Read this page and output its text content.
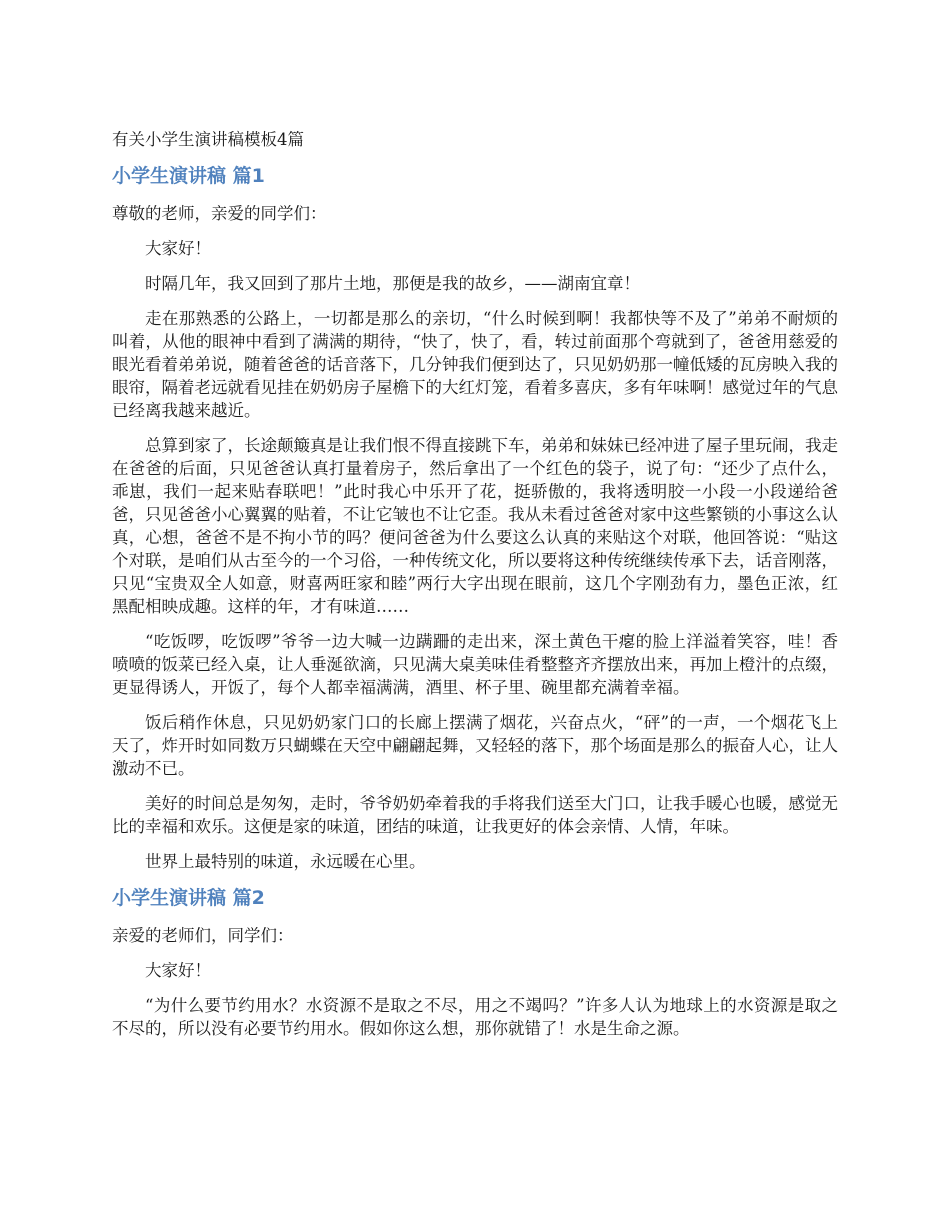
有关小学生演讲稿模板4篇
小学生演讲稿 篇1
尊敬的老师，亲爱的同学们：

大家好！

时隔几年，我又回到了那片土地，那便是我的故乡，——湖南宜章！

走在那熟悉的公路上，一切都是那么的亲切，“什么时候到啊！我都快等不及了”弟弟不耐烦的叫着，从他的眼神中看到了满满的期待，“快了，快了，看，转过前面那个弯就到了，爸爸用慈爱的眼光看着弟弟说，随着爸爸的话音落下，几分钟我们便到达了，只见奶奶那一幢低矮的瓦房映入我的眼帘，隔着老远就看见挂在奶奶房子屋檐下的大红灯笼，看着多喜庆，多有年味啊！感觉过年的气息已经离我越来越近。

总算到家了，长途颠簸真是让我们恨不得直接跳下车，弟弟和妹妹已经冲进了屋子里玩闹，我走在爸爸的后面，只见爸爸认真打量着房子，然后拿出了一个红色的袋子，说了句：“还少了点什么，乖崽，我们一起来贴春联吧！”此时我心中乐开了花，挺骄傲的，我将透明胶一小段一小段递给爸爸，只见爸爸小心翼翼的贴着，不让它皱也不让它歪。我从未看过爸爸对家中这些繁锁的小事这么认真，心想，爸爸不是不拘小节的吗？便问爸爸为什么要这么认真的来贴这个对联，他回答说：“贴这个对联，是咱们从古至今的一个习俗，一种传统文化，所以要将这种传统继续传承下去，话音刚落，只见“宝贵双全人如意，财喜两旺家和睦”两行大字出现在眼前，这几个字刚劲有力，墨色正浓，红黑配相映成趣。这样的年，才有味道……

“吃饭啰，吃饭啰”爷爷一边大喊一边蹒跚的走出来，深土黄色干瘪的脸上洋溢着笑容，哇！香喷喷的饭菜已经入桌，让人垂涎欲滴，只见满大桌美味佳肴整整齐齐摆放出来，再加上橙汁的点缀，更显得诱人，开饭了，每个人都幸福满满，酒里、杯子里、碗里都充满着幸福。

饭后稍作休息，只见奶奶家门口的长廊上摆满了烟花，兴奋点火，“砰”的一声，一个烟花飞上天了，炸开时如同数万只蝴蝶在天空中翩翩起舞，又轻轻的落下，那个场面是那么的振奋人心，让人激动不已。

美好的时间总是匆匆，走时，爷爷奶奶牵着我的手将我们送至大门口，让我手暖心也暖，感觉无比的幸福和欢乐。这便是家的味道，团结的味道，让我更好的体会亲情、人情，年味。

世界上最特别的味道，永远暖在心里。

小学生演讲稿 篇2
亲爱的老师们，同学们：

大家好！

“为什么要节约用水？水资源不是取之不尽，用之不竭吗？”许多人认为地球上的水资源是取之不尽的，所以没有必要节约用水。假如你这么想，那你就错了！水是生命之源。
